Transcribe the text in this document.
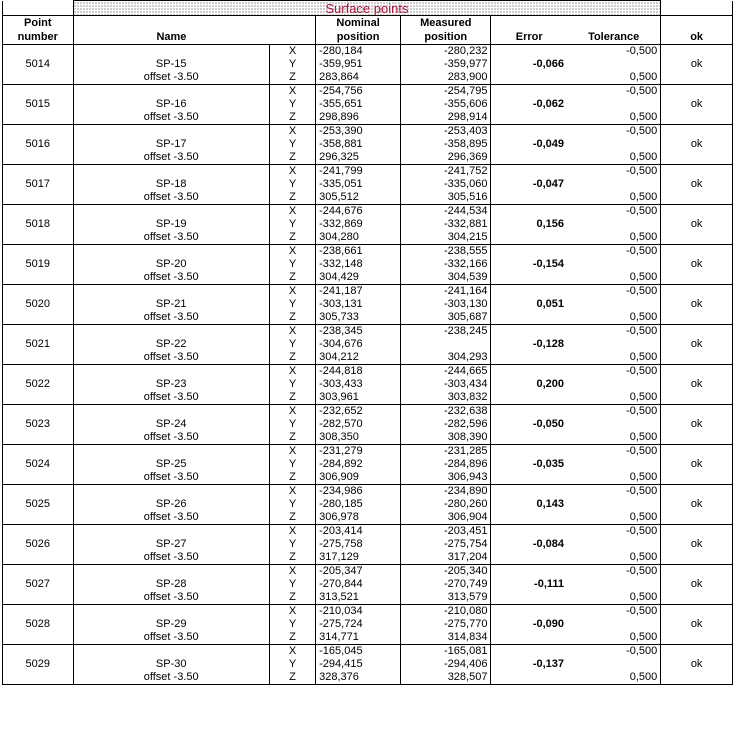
	Surface points						
Point			Nominal	Measured			
number	Name		position	position	Error	Tolerance	ok
		X	-280,184	-280,232		-0,500	
5014	SP-15	Y	-359,951	-359,977	-0,066		ok
	offset -3.50	Z	283,864	283,900		0,500	
		X	-254,756	-254,795		-0,500	
5015	SP-16	Y	-355,651	-355,606	-0,062		ok
	offset -3.50	Z	298,896	298,914		0,500	
		X	-253,390	-253,403		-0,500	
5016	SP-17	Y	-358,881	-358,895	-0,049		ok
	offset -3.50	Z	296,325	296,369		0,500	
		X	-241,799	-241,752		-0,500	
5017	SP-18	Y	-335,051	-335,060	-0,047		ok
	offset -3.50	Z	305,512	305,516		0,500	
		X	-244,676	-244,534		-0,500	
5018	SP-19	Y	-332,869	-332,881	0,156		ok
	offset -3.50	Z	304,280	304,215		0,500	
		X	-238,661	-238,555		-0,500	
5019	SP-20	Y	-332,148	-332,166	-0,154		ok
	offset -3.50	Z	304,429	304,539		0,500	
		X	-241,187	-241,164		-0,500	
5020	SP-21	Y	-303,131	-303,130	0,051		ok
	offset -3.50	Z	305,733	305,687		0,500	
		X	-238,345	-238,245		-0,500	
5021	SP-22	Y	-304,676		-0,128		ok
	offset -3.50	Z	304,212	304,293		0,500	
		X	-244,818	-244,665		-0,500	
5022	SP-23	Y	-303,433	-303,434	0,200		ok
	offset -3.50	Z	303,961	303,832		0,500	
		X	-232,652	-232,638		-0,500	
5023	SP-24	Y	-282,570	-282,596	-0,050		ok
	offset -3.50	Z	308,350	308,390		0,500	
		X	-231,279	-231,285		-0,500	
5024	SP-25	Y	-284,892	-284,896	-0,035		ok
	offset -3.50	Z	306,909	306,943		0,500	
		X	-234,986	-234,890		-0,500	
5025	SP-26	Y	-280,185	-280,260	0,143		ok
	offset -3.50	Z	306,978	306,904		0,500	
		X	-203,414	-203,451		-0,500	
5026	SP-27	Y	-275,758	-275,754	-0,084		ok
	offset -3.50	Z	317,129	317,204		0,500	
		X	-205,347	-205,340		-0,500	
5027	SP-28	Y	-270,844	-270,749	-0,111		ok
	offset -3.50	Z	313,521	313,579		0,500	
		X	-210,034	-210,080		-0,500	
5028	SP-29	Y	-275,724	-275,770	-0,090		ok
	offset -3.50	Z	314,771	314,834		0,500	
		X	-165,045	-165,081		-0,500	
5029	SP-30	Y	-294,415	-294,406	-0,137		ok
	offset -3.50	Z	328,376	328,507		0,500	
